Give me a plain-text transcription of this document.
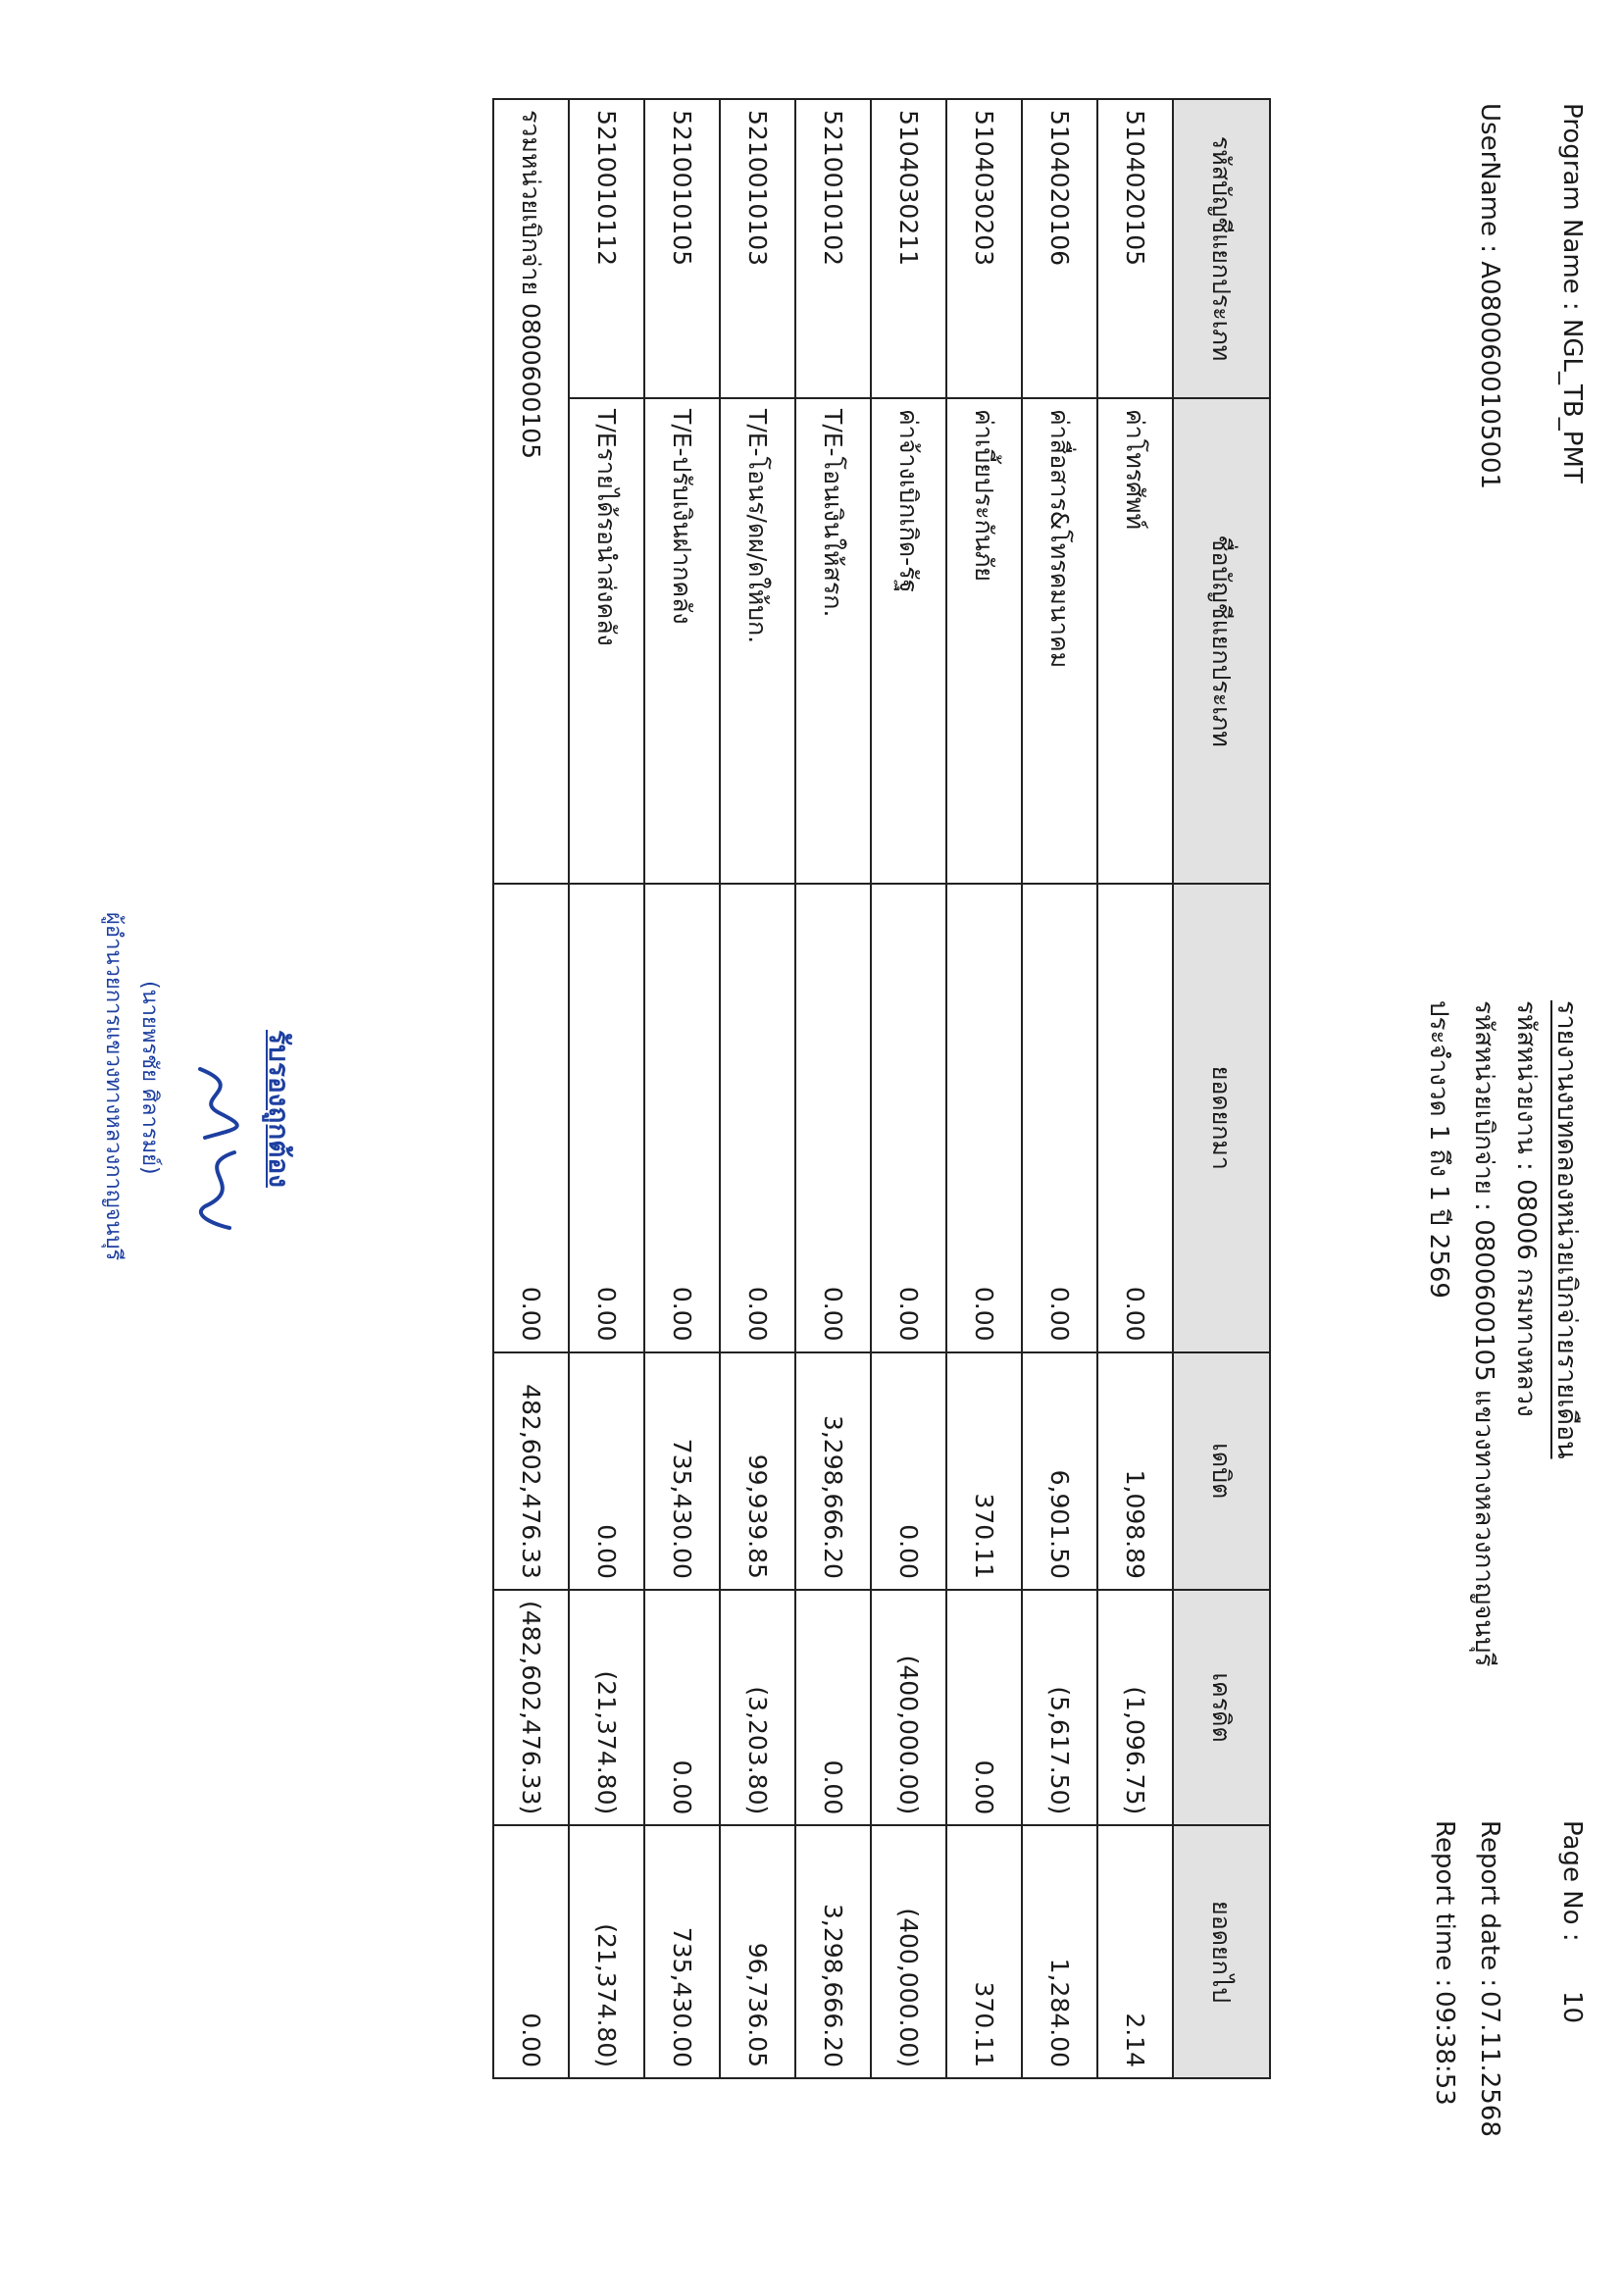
Program Name : NGL_TB_PMT
UserName : A0800600105001
รายงานงบทดลองหน่วยเบิกจ่ายรายเดือน
รหัสหน่วยงาน : 08006 กรมทางหลวง
รหัสหน่วยเบิกจ่าย : 0800600105 แขวงทางหลวงกาญจนบุรี
ประจำงวด 1 ถึง 1 ปี 2569
Page No :
10
Report date :
07.11.2568
Report time :
09:38:53
รหัสบัญชีแยกประเภท	ชื่อบัญชีแยกประเภท	ยอดยกมา	เดบิต	เครดิต	ยอดยกไป
5104020105	ค่าโทรศัพท์	0.00	1,098.89	(1,096.75)	2.14
5104020106	ค่าสื่อสาร&โทรคมนาคม	0.00	6,901.50	(5,617.50)	1,284.00
5104030203	ค่าเบี้ยประกันภัย	0.00	370.11	0.00	370.11
5104030211	ค่าจ้างเบิกเกิด-รัฐ	0.00	0.00	(400,000.00)	(400,000.00)
5210010102	T/E-โอนเงินให้สรก.	0.00	3,298,666.20	0.00	3,298,666.20
5210010103	T/E-โอนร/ดผ/ดให้บก.	0.00	99,939.85	(3,203.80)	96,736.05
5210010105	T/E-ปรับเงินฝากคลัง	0.00	735,430.00	0.00	735,430.00
5210010112	T/Eรายได้รอนำส่งคลัง	0.00	0.00	(21,374.80)	(21,374.80)
รวมหน่วยเบิกจ่าย 0800600105		0.00	482,602,476.33	(482,602,476.33)	0.00
รับรองถูกต้อง
(นายพรชัย ศิลารมย์)
ผู้อำนวยการแขวงทางหลวงกาญจนบุรี
